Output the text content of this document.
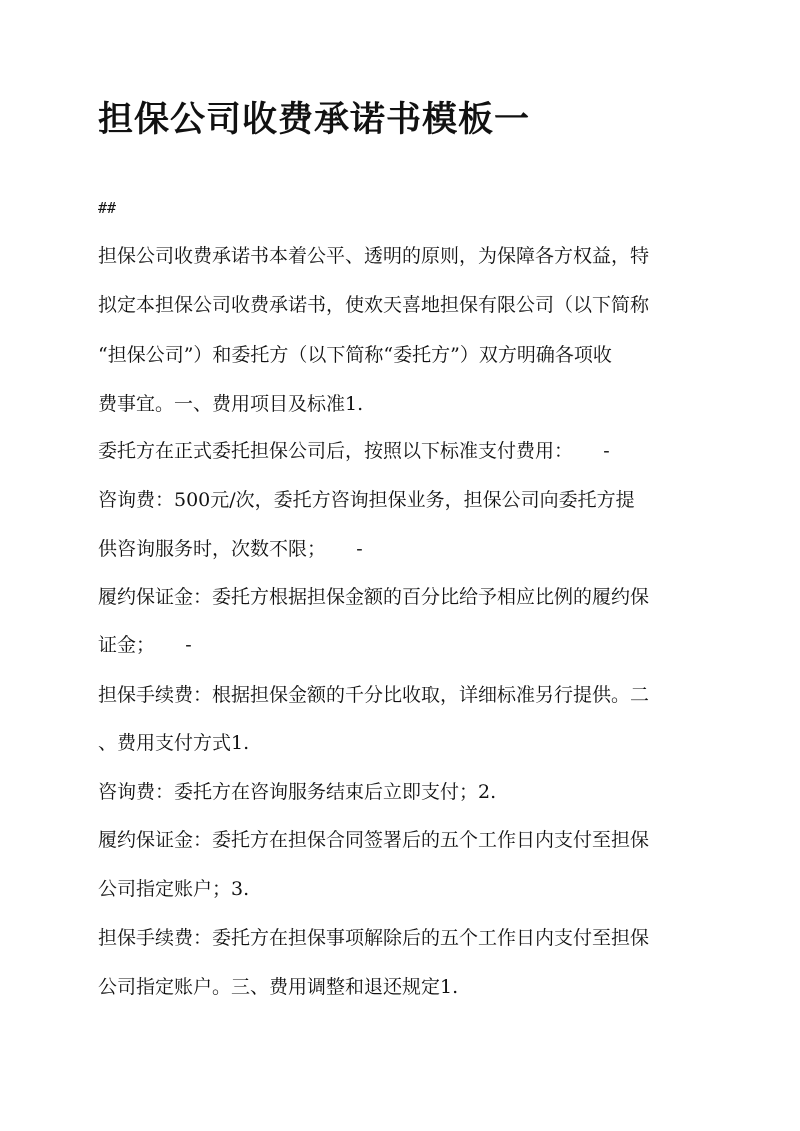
担保公司收费承诺书模板一
##
担保公司收费承诺书本着公平、透明的原则，为保障各方权益，特
拟定本担保公司收费承诺书，使欢天喜地担保有限公司（以下简称
“担保公司”）和委托方（以下简称“委托方”）双方明确各项收
费事宜。一、费用项目及标准1.
委托方在正式委托担保公司后，按照以下标准支付费用：     -
咨询费：500元/次，委托方咨询担保业务，担保公司向委托方提
供咨询服务时，次数不限；     -
履约保证金：委托方根据担保金额的百分比给予相应比例的履约保
证金；     -
担保手续费：根据担保金额的千分比收取，详细标准另行提供。二
、费用支付方式1.
咨询费：委托方在咨询服务结束后立即支付；2.
履约保证金：委托方在担保合同签署后的五个工作日内支付至担保
公司指定账户；3.
担保手续费：委托方在担保事项解除后的五个工作日内支付至担保
公司指定账户。三、费用调整和退还规定1.
